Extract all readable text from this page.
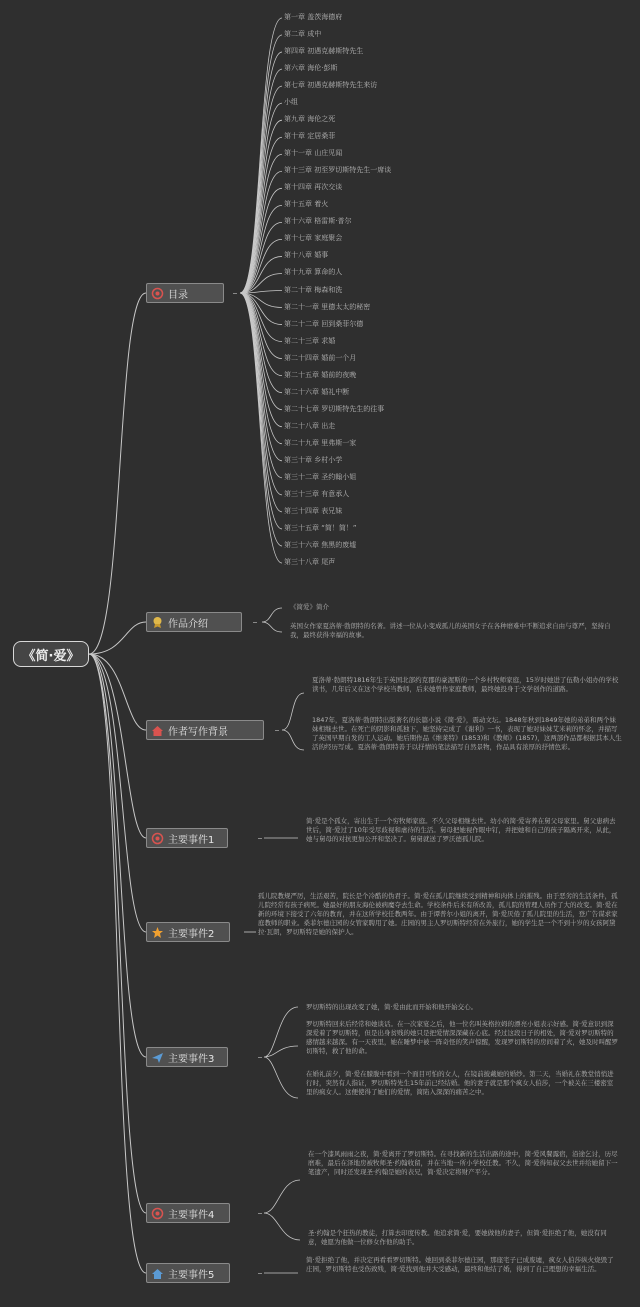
《简·爱》
目录
作品介绍
作者写作背景
主要事件1
主要事件2
主要事件3
主要事件4
主要事件5
第一章 盖茨海德府
第二章 成中
第四章 初遇克赫斯特先生
第六章 海伦·彭斯
第七章 初遇克赫斯特先生来访
小组
第九章 海伦之死
第十章 定居桑菲
第十一章 山庄见闻
第十三章 初至罗切斯特先生一席谈
第十四章 再次交谈
第十五章 着火
第十六章 格雷斯·普尔
第十七章 家庭聚会
第十八章 婚事
第十九章 算命的人
第二十章 梅森和洗
第二十一章 里德太太的秘密
第二十二章 回到桑菲尔德
第二十三章 求婚
第二十四章 婚前一个月
第二十五章 婚前的夜晚
第二十六章 婚礼中断
第二十七章 罗切斯特先生的往事
第二十八章 出走
第二十九章 里弗斯一家
第三十章 乡村小学
第三十二章 圣约翰小姐
第三十三章 有意承人
第三十四章 表兄妹
第三十五章 “简！简！”
第三十六章 焦黑的废墟
第三十八章 尾声
《简爱》简介
英国女作家夏洛蒂·勃朗特的名著。讲述一位从小变成孤儿的英国女子在各种磨难中不断追求自由与尊严，坚持自我，最终获得幸福的故事。
夏洛蒂·勃朗特1816年生于英国北部约克郡的豪渥斯的一个乡村牧师家庭，15岁时她进了伍勒小姐办的学校读书，几年后又在这个学校当教师，后来她曾作家庭教师，最终她投身于文学创作的道路。
1847年，夏洛蒂·勃朗特出版著名的长篇小说《简·爱》，震动文坛。1848年秋到1849年她的弟弟和两个妹妹相继去世。在死亡的阴影和孤独下，她坚持完成了《谢利》一书，表现了她对妹妹艾米莉的怀念，并描写了英国早期自发的工人运动。她后期作品《维莱特》(1853)和《教师》(1857)，这两部作品都根据其本人生活的经历写成。夏洛蒂·勃朗特善于以抒情的笔法描写自然景物，作品具有浓厚的抒情色彩。
简·爱是个孤女，寄出生于一个穷牧师家庭。不久父母相继去世。幼小的简·爱寄养在舅父母家里。舅父患病去世后，简·爱过了10年受尽歧视和虐待的生活。舅母把她视作眼中钉，并把她和自己的孩子隔离开来，从此，她与舅母的对抗更加公开和坚决了。舅舅就送了罗沃德孤儿院。
孤儿院教规严厉，生活艰苦，院长是个冷酷的伪君子。简·爱在孤儿院继续受到精神和肉体上的摧残。由于恶劣的生活条件，孤儿院经常有孩子病死。她最好的朋友海伦被病魔夺去生命。学校条件后来有所改善，孤儿院的管理人员作了大的改变。简·爱在新的环境下接受了六年的教育，并在这所学校任教两年。由于谭普尔小姐的离开，简·爱厌倦了孤儿院里的生活，登广告谋求家庭教师的职业。桑菲尔德庄园的女管家聘用了她。庄园的男主人罗切斯特经常在外旅行，她的学生是一个不到十岁的女孩阿黛拉·瓦朗，罗切斯特是她的保护人。
罗切斯特的出现改变了她，简·爱由此而开始和他开始交心。
罗切斯特回来后经常和她谈话。在一次家宴之后，他一位名叫英格拉姆的漂亮小姐表示好感。简·爱意识到深深爱着了罗切斯特，但是出身贫贱的她只是把爱情深深藏在心底。经过这段日子的相处，简·爱对罗切斯特的感情越来越深。有一天夜里，她在睡梦中被一阵奇怪的笑声惊醒，发现罗切斯特的房间着了火，她及时叫醒罗切斯特，救了他的命。
在婚礼前夕，简·爱在朦胧中看到一个面目可怕的女人，在镜前披戴她的婚纱。第二天，当婚礼在教堂悄悄进行时，突然有人指证，罗切斯特先生15年前已经结婚。他的妻子就是那个疯女人伯莎，一个被关在三楼密室里的疯女人。这便使得了她们的爱情，简陷入深深的痛苦之中。
在一个漆风雨雨之夜，简·爱离开了罗切斯特。在寻找新的生活出路的途中，简·爱风餐露宿，沿途乞讨，历尽磨难，最后在泽地房被牧师圣·约翰收留，并在当地一所小学校任教。不久，简·爱得知叔父去世并给她留下一笔遗产，同时还发现圣·约翰是她的表兄，简·爱决定将财产平分。
圣·约翰是个狂热的教徒，打算去印度传教。他追求简·爱，要她做他的妻子，但简·爱拒绝了他，她没有同意，她愿为他做一位修女作他的助手。
简·爱拒绝了他，并决定再看看罗切斯特。她回到桑菲尔德庄园，那座宅子已成废墟，疯女人伯莎纵火烧毁了庄园，罗切斯特也受伤致残，简·爱找到他并大受感动，最终和他结了婚，得到了自己理想的幸福生活。
